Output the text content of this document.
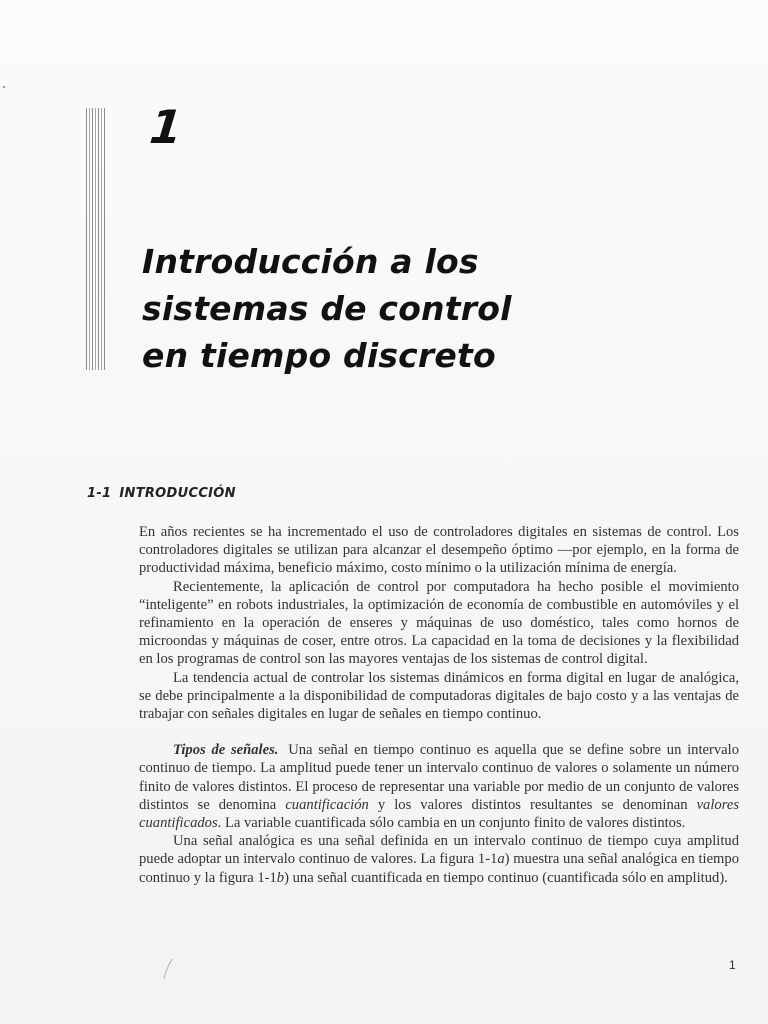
1
Introducción a los
sistemas de control
en tiempo discreto
1-1 INTRODUCCIÓN

En años recientes se ha incrementado el uso de controladores digitales en sistemas de control. Los controladores digitales se utilizan para alcanzar el desempeño óptimo —por ejemplo, en la forma de productividad máxima, beneficio máximo, costo mínimo o la utilización mínima de energía.

Recientemente, la aplicación de control por computadora ha hecho posible el movimiento “inteligente” en robots industriales, la optimización de economía de combustible en automóviles y el refinamiento en la operación de enseres y máquinas de uso doméstico, tales como hornos de microondas y máquinas de coser, entre otros. La capacidad en la toma de decisiones y la flexibilidad en los programas de control son las mayores ventajas de los sistemas de control digital.

La tendencia actual de controlar los sistemas dinámicos en forma digital en lugar de analógica, se debe principalmente a la disponibilidad de computadoras digitales de bajo costo y a las ventajas de trabajar con señales digitales en lugar de señales en tiempo continuo.

Tipos de señales. Una señal en tiempo continuo es aquella que se define sobre un intervalo continuo de tiempo. La amplitud puede tener un intervalo continuo de valores o solamente un número finito de valores distintos. El proceso de representar una variable por medio de un conjunto de valores distintos se denomina cuantificación y los valores distintos resultantes se denominan valores cuantificados. La variable cuantificada sólo cambia en un conjunto finito de valores distintos.

Una señal analógica es una señal definida en un intervalo continuo de tiempo cuya amplitud puede adoptar un intervalo continuo de valores. La figura 1-1a) muestra una señal analógica en tiempo continuo y la figura 1-1b) una señal cuantificada en tiempo continuo (cuantificada sólo en amplitud).

1
